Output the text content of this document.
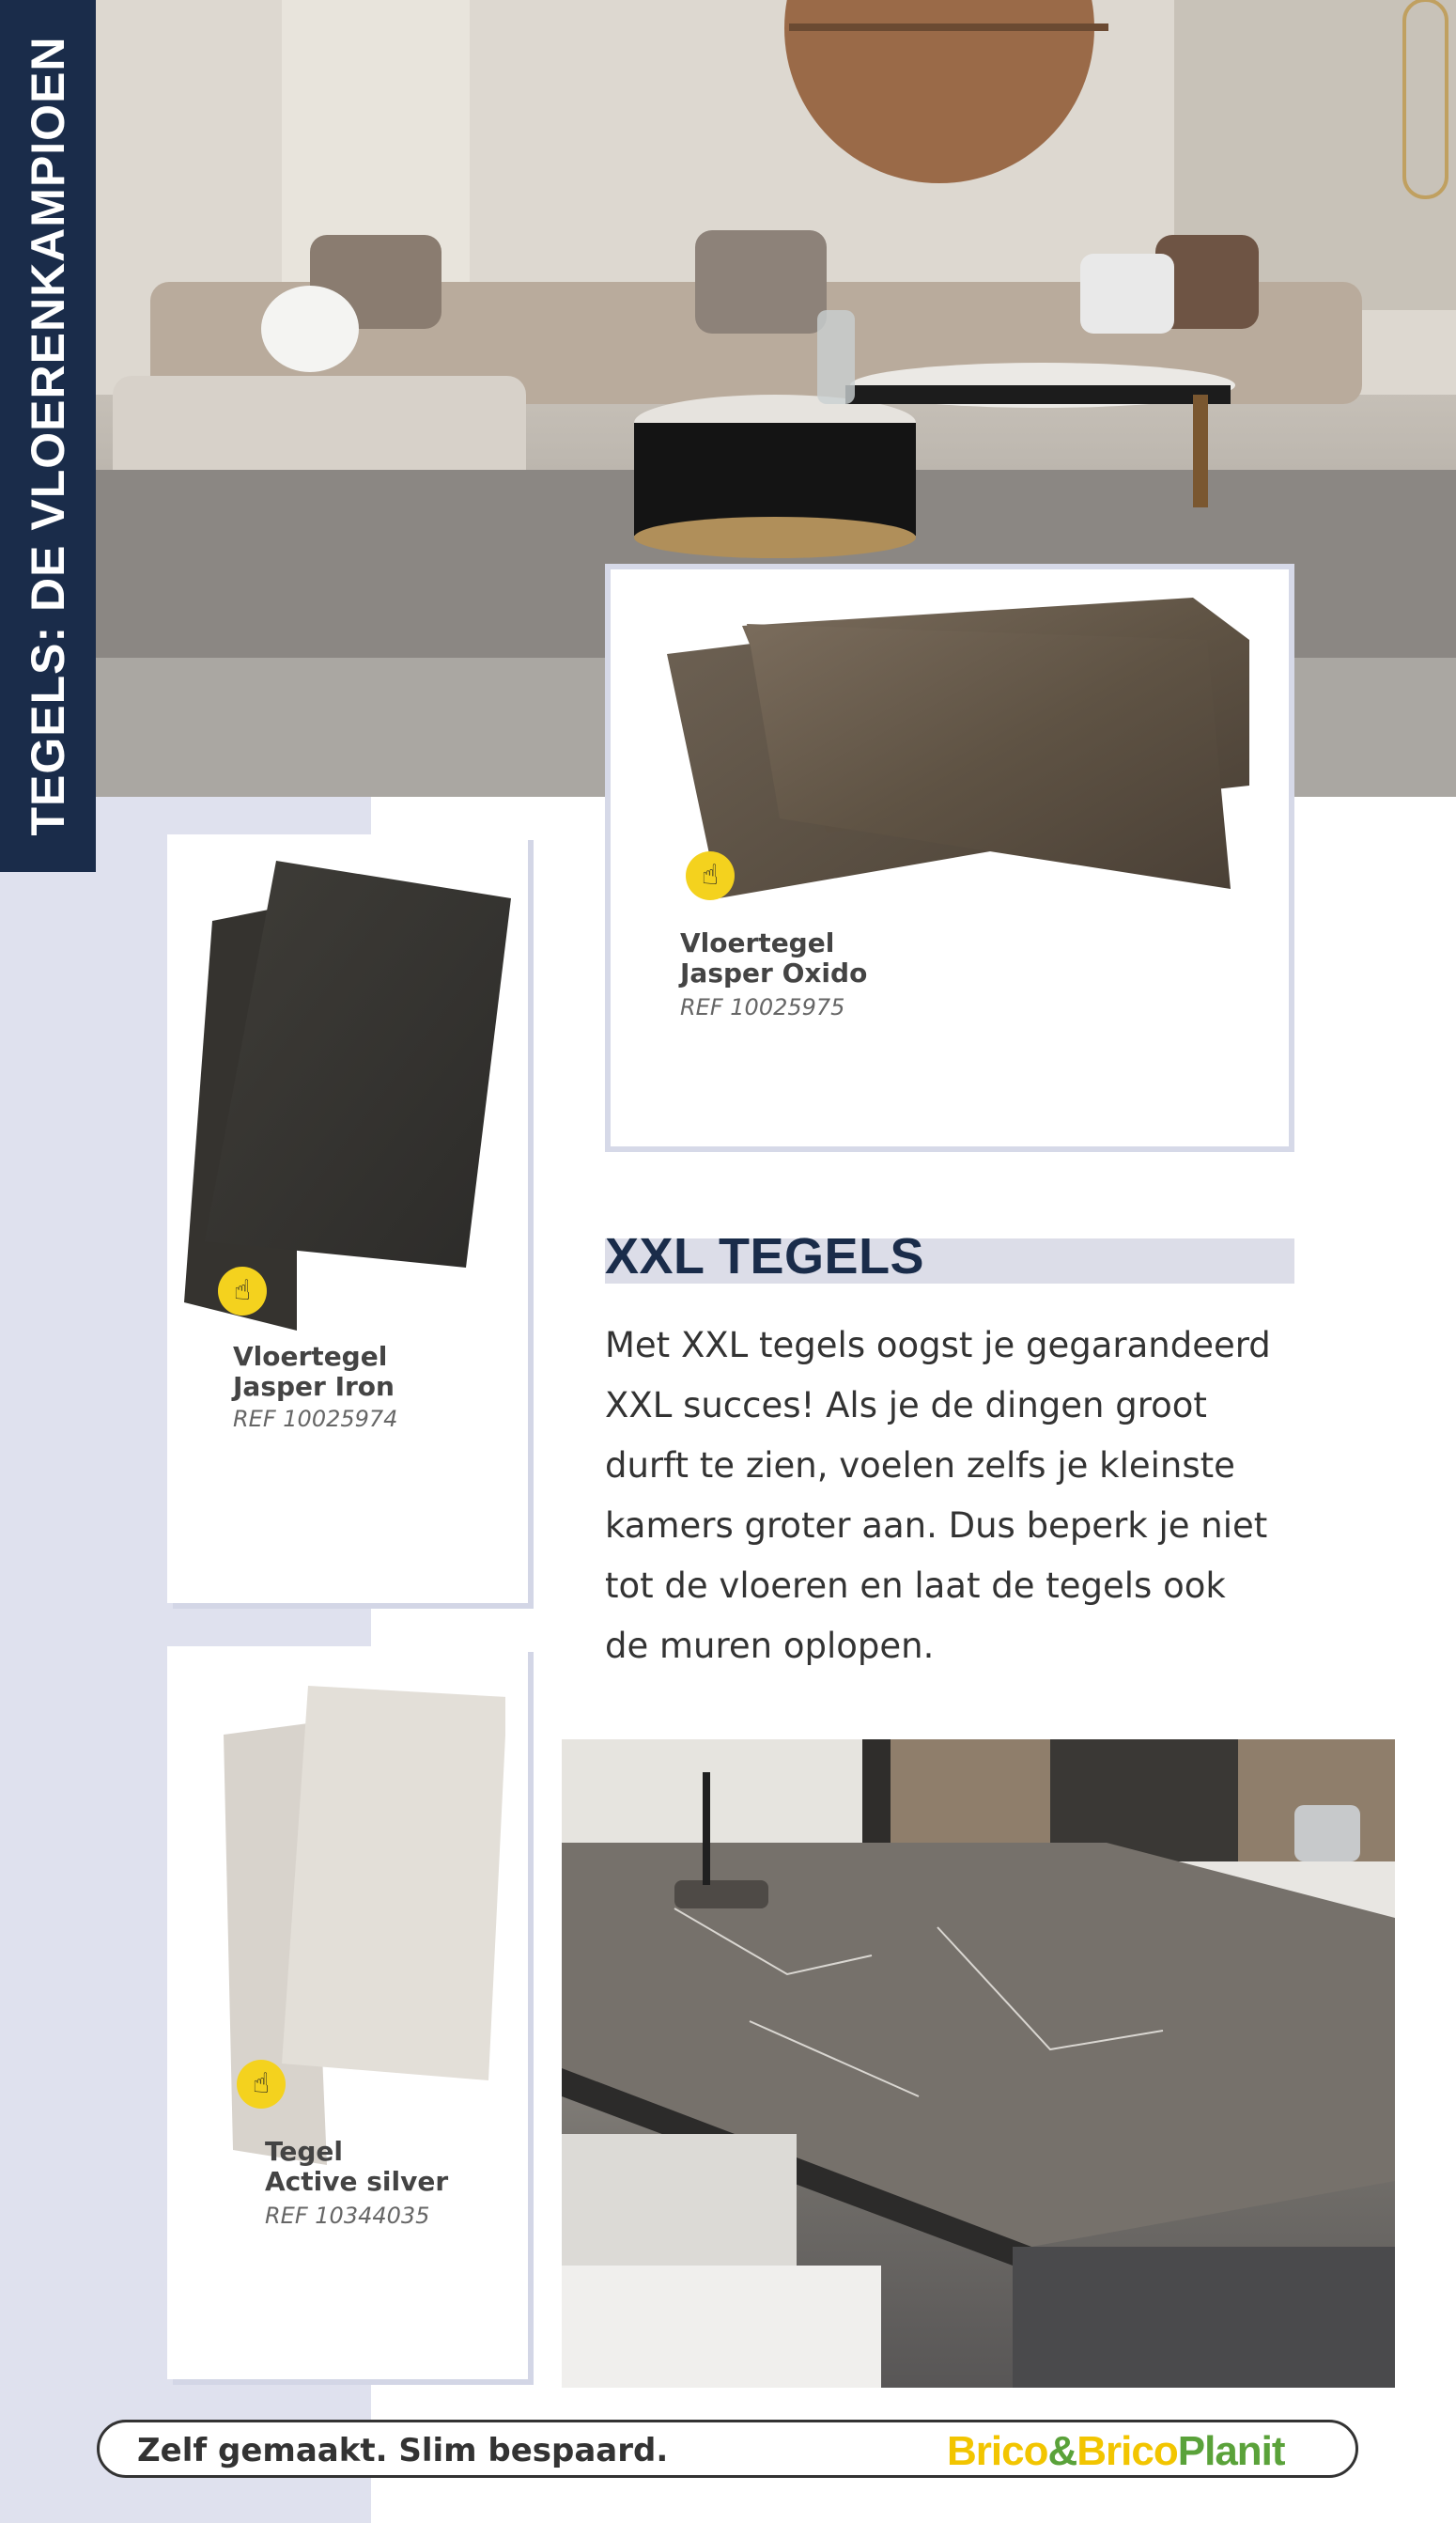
TEGELS: DE VLOERENKAMPIOEN
☝
Vloertegel
Jasper Oxido
REF 10025975
☝
Vloertegel
Jasper Iron
REF 10025974
☝
Tegel
Active silver
REF 10344035
XXL TEGELS
Met XXL tegels oogst je gegarandeerd
XXL succes! Als je de dingen groot
durft te zien, voelen zelfs je kleinste
kamers groter aan. Dus beperk je niet
tot de vloeren en laat de tegels ook
de muren oplopen.
Zelf gemaakt. Slim bespaard.	Brico&BricoPlanit
